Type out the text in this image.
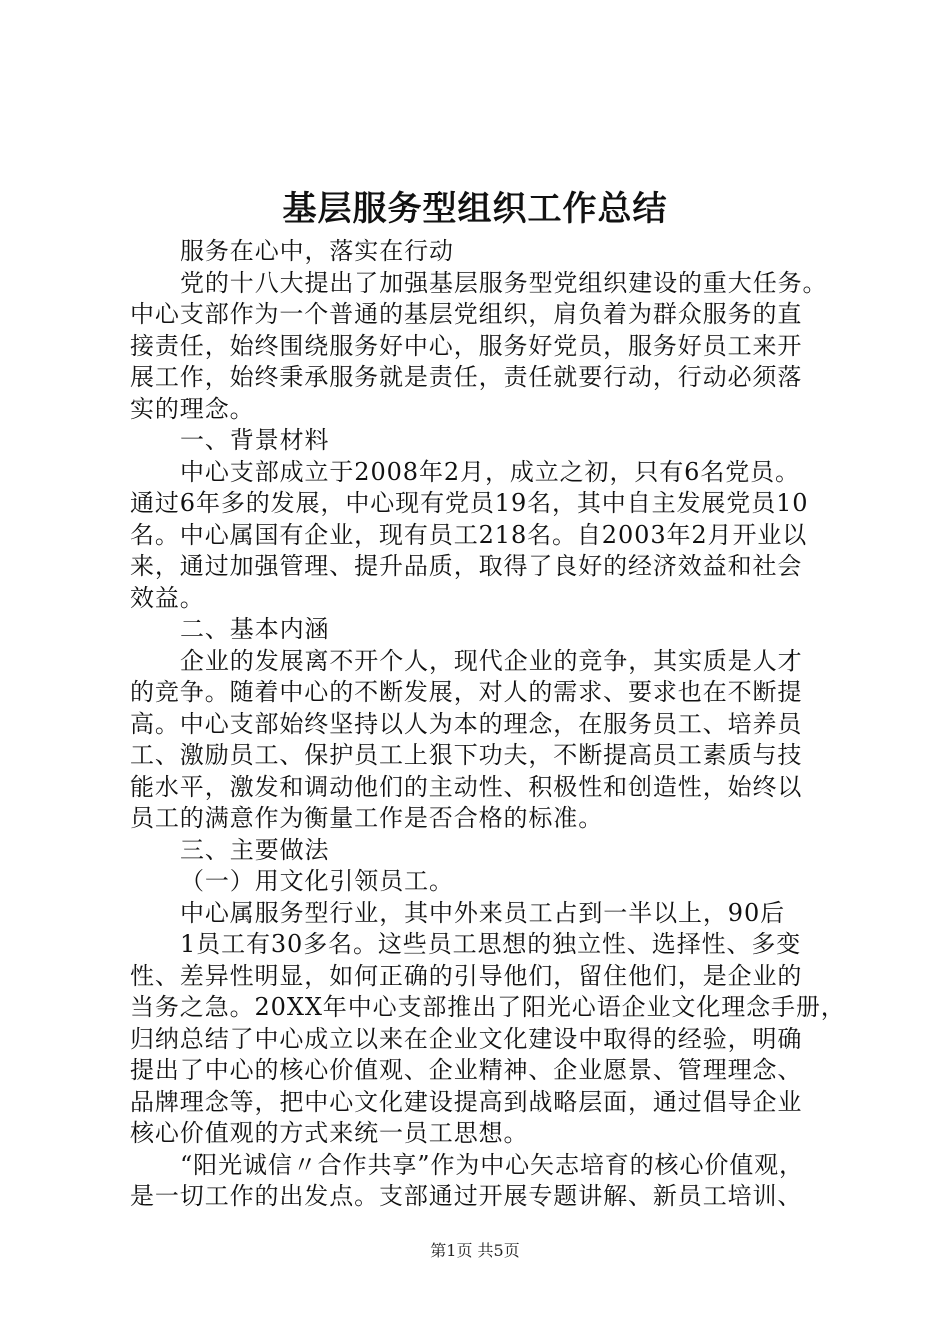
基层服务型组织工作总结
服务在心中，落实在行动
党的十八大提出了加强基层服务型党组织建设的重大任务。
中心支部作为一个普通的基层党组织，肩负着为群众服务的直
接责任，始终围绕服务好中心，服务好党员，服务好员工来开
展工作，始终秉承服务就是责任，责任就要行动，行动必须落
实的理念。
一、背景材料
中心支部成立于2008年2月，成立之初，只有6名党员。
通过6年多的发展，中心现有党员19名，其中自主发展党员10
名。中心属国有企业，现有员工218名。自2003年2月开业以
来，通过加强管理、提升品质，取得了良好的经济效益和社会
效益。
二、基本内涵
企业的发展离不开个人，现代企业的竞争，其实质是人才
的竞争。随着中心的不断发展，对人的需求、要求也在不断提
高。中心支部始终坚持以人为本的理念，在服务员工、培养员
工、激励员工、保护员工上狠下功夫，不断提高员工素质与技
能水平，激发和调动他们的主动性、积极性和创造性，始终以
员工的满意作为衡量工作是否合格的标准。
三、主要做法
（一）用文化引领员工。
中心属服务型行业，其中外来员工占到一半以上，90后
1员工有30多名。这些员工思想的独立性、选择性、多变
性、差异性明显，如何正确的引导他们，留住他们，是企业的
当务之急。20XX年中心支部推出了阳光心语企业文化理念手册，
归纳总结了中心成立以来在企业文化建设中取得的经验，明确
提出了中心的核心价值观、企业精神、企业愿景、管理理念、
品牌理念等，把中心文化建设提高到战略层面，通过倡导企业
核心价值观的方式来统一员工思想。
“阳光诚信〃合作共享”作为中心矢志培育的核心价值观，
是一切工作的出发点。支部通过开展专题讲解、新员工培训、
第1页 共5页
